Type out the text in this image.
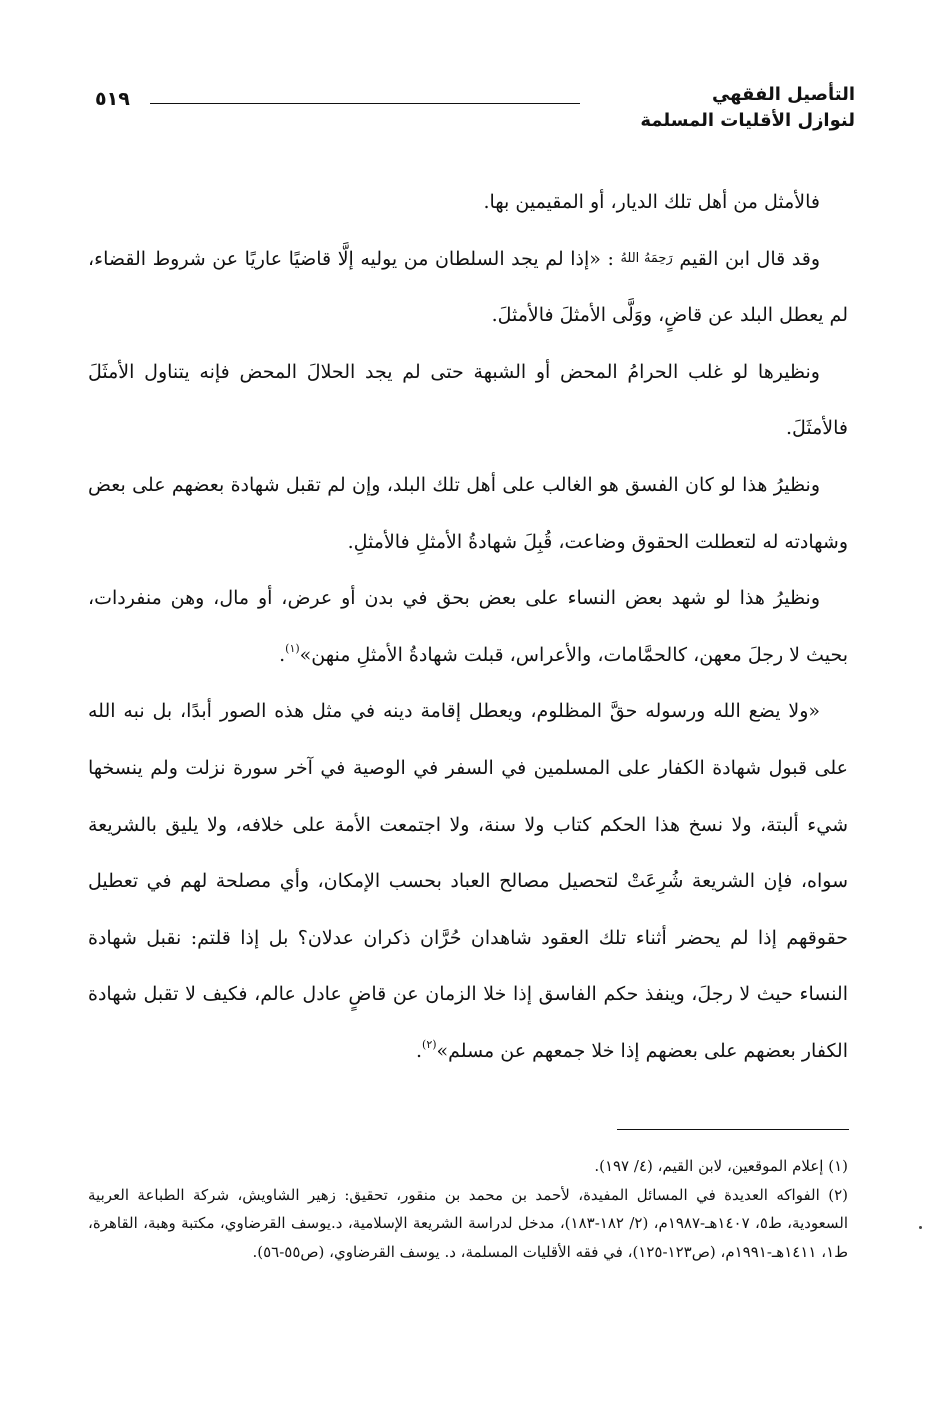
التأصيل الفقهي
لنوازل الأقليات المسلمة
٥١٩

فالأمثل من أهل تلك الديار، أو المقيمين بها.

وقد قال ابن القيم رَحِمَهُ اللهُ : «إذا لم يجد السلطان من يوليه إلَّا قاضيًا عاريًا عن شروط القضاء، لم يعطل البلد عن قاضٍ، ووَلَّى الأمثلَ فالأمثلَ.

ونظيرها لو غلب الحرامُ المحض أو الشبهة حتى لم يجد الحلالَ المحض فإنه يتناول الأمثَلَ فالأمثَلَ.

ونظيرُ هذا لو كان الفسق هو الغالب على أهل تلك البلد، وإن لم تقبل شهادة بعضهم على بعض وشهادته له لتعطلت الحقوق وضاعت، قُبِلَ شهادةُ الأمثلِ فالأمثلِ.

ونظيرُ هذا لو شهد بعض النساء على بعض بحق في بدن أو عرض، أو مال، وهن منفردات، بحيث لا رجلَ معهن، كالحمَّامات، والأعراس، قبلت شهادةُ الأمثلِ منهن»$^{(١)}$.

«ولا يضع الله ورسوله حقَّ المظلوم، ويعطل إقامة دينه في مثل هذه الصور أبدًا، بل نبه الله على قبول شهادة الكفار على المسلمين في السفر في الوصية في آخر سورة نزلت ولم ينسخها شيء ألبتة، ولا نسخ هذا الحكم كتاب ولا سنة، ولا اجتمعت الأمة على خلافه، ولا يليق بالشريعة سواه، فإن الشريعة شُرِعَتْ لتحصيل مصالح العباد بحسب الإمكان، وأي مصلحة لهم في تعطيل حقوقهم إذا لم يحضر أثناء تلك العقود شاهدان حُرَّان ذكران عدلان؟ بل إذا قلتم: نقبل شهادة النساء حيث لا رجلَ، وينفذ حكم الفاسق إذا خلا الزمان عن قاضٍ عادل عالم، فكيف لا تقبل شهادة الكفار بعضهم على بعضهم إذا خلا جمعهم عن مسلم»$^{(٢)}$.

(١) إعلام الموقعين، لابن القيم، (٤/ ١٩٧).

(٢) الفواكه العديدة في المسائل المفيدة، لأحمد بن محمد بن منقور، تحقيق: زهير الشاويش، شركة الطباعة العربية السعودية، ط٥، ١٤٠٧هـ-١٩٨٧م، (٢/ ١٨٢-١٨٣)، مدخل لدراسة الشريعة الإسلامية، د.يوسف القرضاوي، مكتبة وهبة، القاهرة، ط١، ١٤١١هـ-١٩٩١م، (ص١٢٣-١٢٥)، في فقه الأقليات المسلمة، د. يوسف القرضاوي، (ص٥٥-٥٦).
